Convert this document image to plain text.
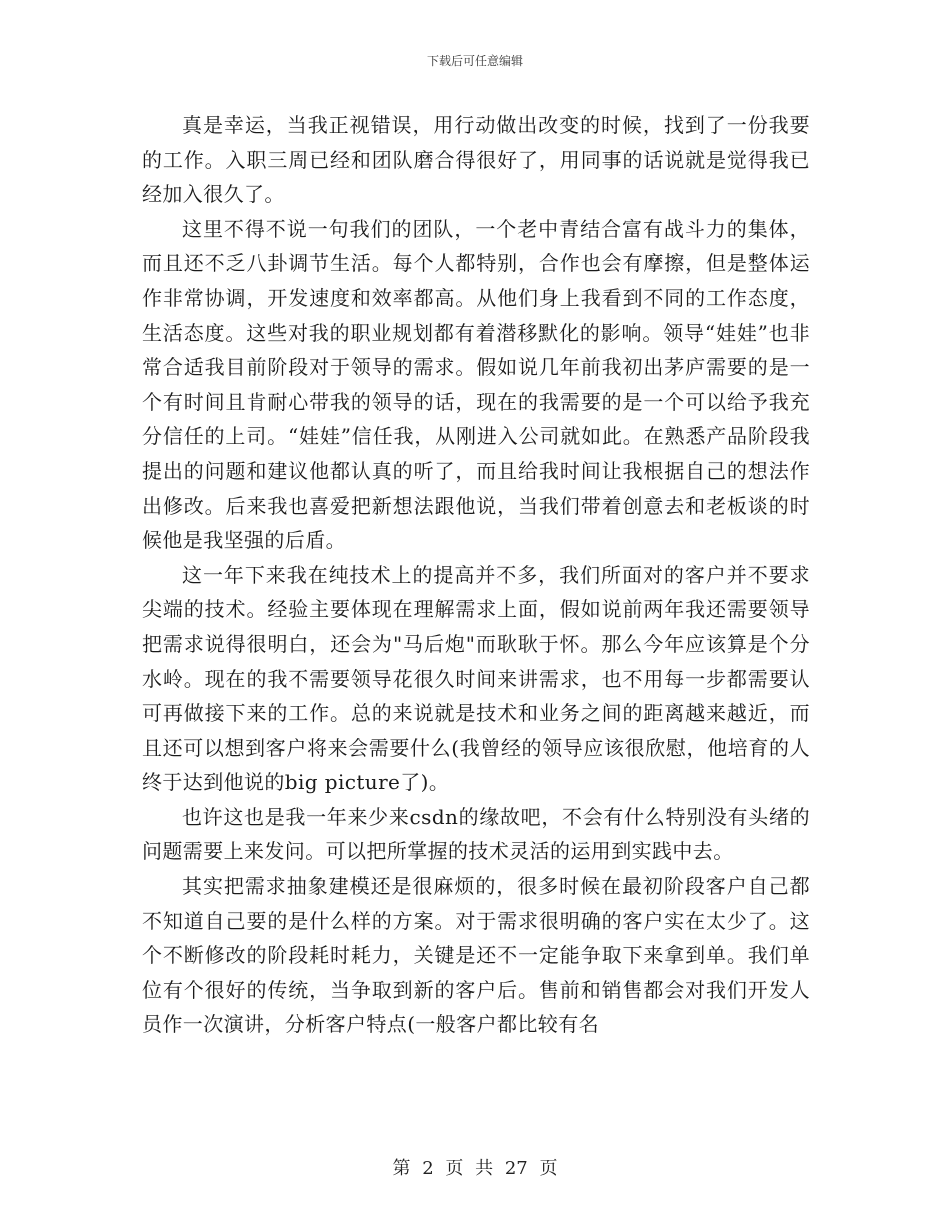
下载后可任意编辑

真是幸运，当我正视错误，用行动做出改变的时候，找到了一份我要的工作。入职三周已经和团队磨合得很好了，用同事的话说就是觉得我已经加入很久了。

这里不得不说一句我们的团队，一个老中青结合富有战斗力的集体，而且还不乏八卦调节生活。每个人都特别，合作也会有摩擦，但是整体运作非常协调，开发速度和效率都高。从他们身上我看到不同的工作态度，生活态度。这些对我的职业规划都有着潜移默化的影响。领导“娃娃”也非常合适我目前阶段对于领导的需求。假如说几年前我初出茅庐需要的是一个有时间且肯耐心带我的领导的话，现在的我需要的是一个可以给予我充分信任的上司。“娃娃”信任我，从刚进入公司就如此。在熟悉产品阶段我提出的问题和建议他都认真的听了，而且给我时间让我根据自己的想法作出修改。后来我也喜爱把新想法跟他说，当我们带着创意去和老板谈的时候他是我坚强的后盾。

这一年下来我在纯技术上的提高并不多，我们所面对的客户并不要求尖端的技术。经验主要体现在理解需求上面，假如说前两年我还需要领导把需求说得很明白，还会为"马后炮"而耿耿于怀。那么今年应该算是个分水岭。现在的我不需要领导花很久时间来讲需求，也不用每一步都需要认可再做接下来的工作。总的来说就是技术和业务之间的距离越来越近，而且还可以想到客户将来会需要什么(我曾经的领导应该很欣慰，他培育的人终于达到他说的big picture了)。

也许这也是我一年来少来csdn的缘故吧，不会有什么特别没有头绪的问题需要上来发问。可以把所掌握的技术灵活的运用到实践中去。

其实把需求抽象建模还是很麻烦的，很多时候在最初阶段客户自己都不知道自己要的是什么样的方案。对于需求很明确的客户实在太少了。这个不断修改的阶段耗时耗力，关键是还不一定能争取下来拿到单。我们单位有个很好的传统，当争取到新的客户后。售前和销售都会对我们开发人员作一次演讲，分析客户特点(一般客户都比较有名

第 2 页 共 27 页
